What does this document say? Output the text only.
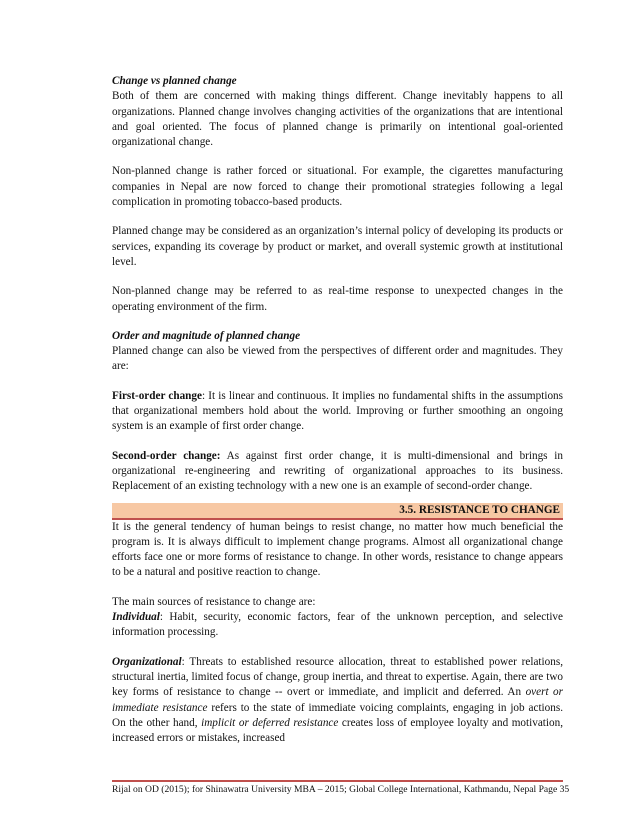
Change vs planned change
Both of them are concerned with making things different. Change inevitably happens to all organizations. Planned change involves changing activities of the organizations that are intentional and goal oriented. The focus of planned change is primarily on intentional goal-oriented organizational change.

Non-planned change is rather forced or situational. For example, the cigarettes manufacturing companies in Nepal are now forced to change their promotional strategies following a legal complication in promoting tobacco-based products.

Planned change may be considered as an organization’s internal policy of developing its products or services, expanding its coverage by product or market, and overall systemic growth at institutional level.

Non-planned change may be referred to as real-time response to unexpected changes in the operating environment of the firm.

Order and magnitude of planned change
Planned change can also be viewed from the perspectives of different order and magnitudes. They are:

First-order change: It is linear and continuous. It implies no fundamental shifts in the assumptions that organizational members hold about the world. Improving or further smoothing an ongoing system is an example of first order change.

Second-order change: As against first order change, it is multi-dimensional and brings in organizational re-engineering and rewriting of organizational approaches to its business. Replacement of an existing technology with a new one is an example of second-order change.

3.5. RESISTANCE TO CHANGE

It is the general tendency of human beings to resist change, no matter how much beneficial the program is. It is always difficult to implement change programs. Almost all organizational change efforts face one or more forms of resistance to change. In other words, resistance to change appears to be a natural and positive reaction to change.

The main sources of resistance to change are:
Individual: Habit, security, economic factors, fear of the unknown perception, and selective information processing.

Organizational: Threats to established resource allocation, threat to established power relations, structural inertia, limited focus of change, group inertia, and threat to expertise. Again, there are two key forms of resistance to change -- overt or immediate, and implicit and deferred. An overt or immediate resistance refers to the state of immediate voicing complaints, engaging in job actions. On the other hand, implicit or deferred resistance creates loss of employee loyalty and motivation, increased errors or mistakes, increased

Rijal on OD (2015); for Shinawatra University MBA – 2015; Global College International, Kathmandu, Nepal Page 35
